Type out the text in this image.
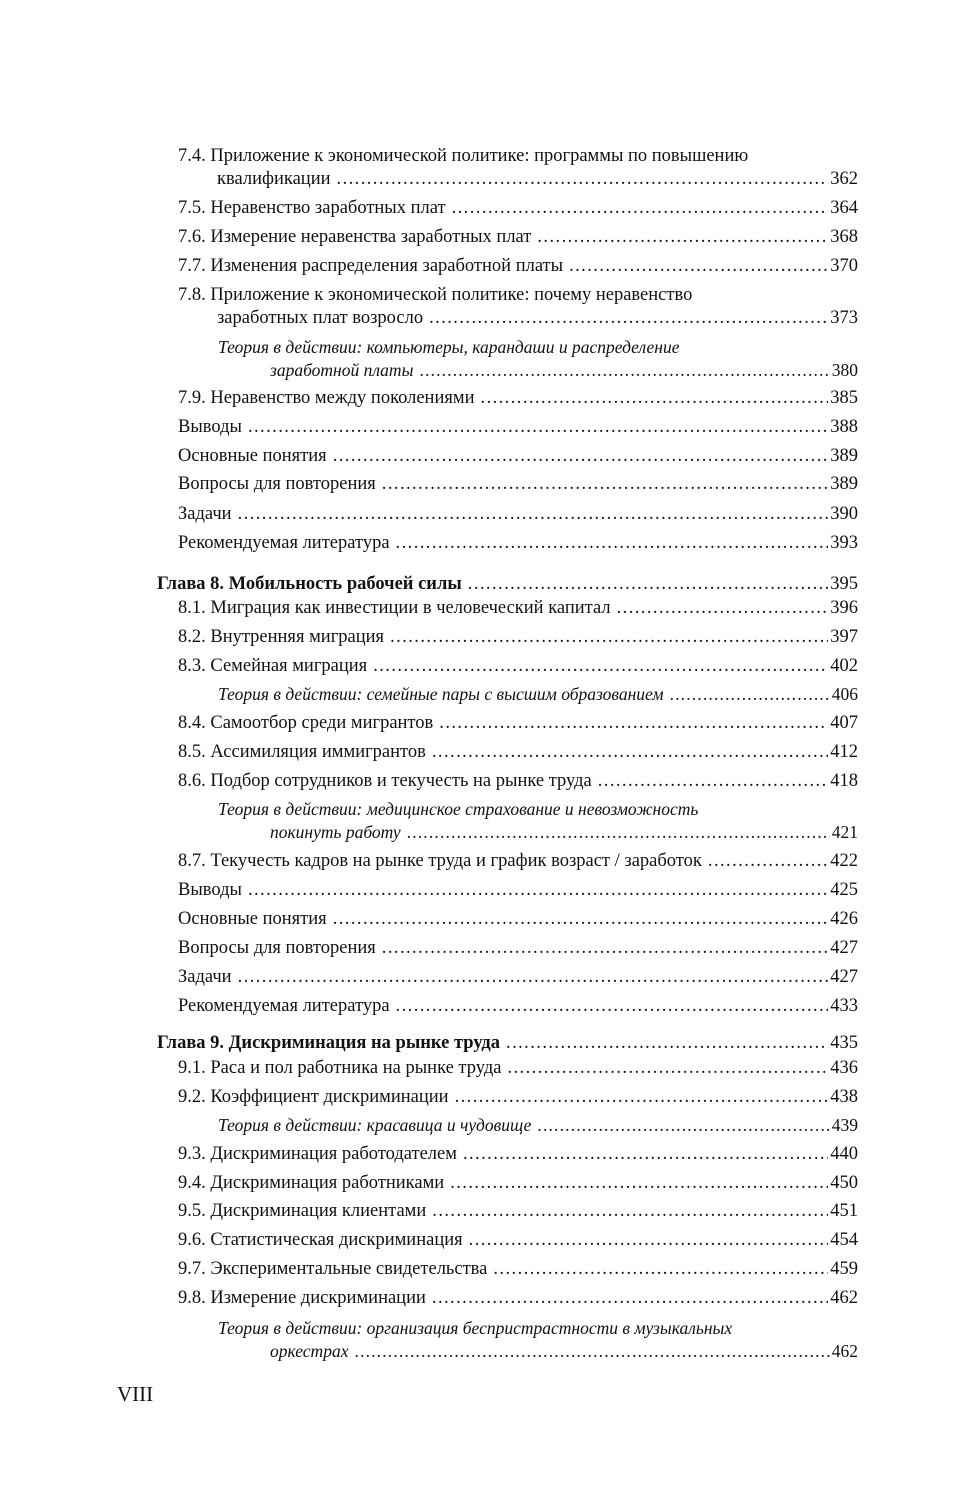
7.4. Приложение к экономической политике: программы по повышению
квалификации . . .	362
7.5. Неравенство заработных плат . . .	364
7.6. Измерение неравенства заработных плат . . .	368
7.7. Изменения распределения заработной платы . . .	370
7.8. Приложение к экономической политике: почему неравенство
заработных плат возросло . . .	373
Теория в действии: компьютеры, карандаши и распределение
заработной платы . . .	380
7.9. Неравенство между поколениями . . .	385
Выводы . . .	388
Основные понятия . . .	389
Вопросы для повторения . . .	389
Задачи . . .	390
Рекомендуемая литература . . .	393
Глава 8. Мобильность рабочей силы . . .	395
8.1. Миграция как инвестиции в человеческий капитал . . .	396
8.2. Внутренняя миграция . . .	397
8.3. Семейная миграция . . .	402
Теория в действии: семейные пары с высшим образованием . . .	406
8.4. Самоотбор среди мигрантов . . .	407
8.5. Ассимиляция иммигрантов . . .	412
8.6. Подбор сотрудников и текучесть на рынке труда . . .	418
Теория в действии: медицинское страхование и невозможность
покинуть работу . . .	421
8.7. Текучесть кадров на рынке труда и график возраст / заработок . . .	422
Выводы . . .	425
Основные понятия . . .	426
Вопросы для повторения . . .	427
Задачи . . .	427
Рекомендуемая литература . . .	433
Глава 9. Дискриминация на рынке труда . . .	435
9.1. Раса и пол работника на рынке труда . . .	436
9.2. Коэффициент дискриминации . . .	438
Теория в действии: красавица и чудовище . . .	439
9.3. Дискриминация работодателем . . .	440
9.4. Дискриминация работниками . . .	450
9.5. Дискриминация клиентами . . .	451
9.6. Статистическая дискриминация . . .	454
9.7. Экспериментальные свидетельства . . .	459
9.8. Измерение дискриминации . . .	462
Теория в действии: организация беспристрастности в музыкальных
оркестрах . . .	462
VIII
